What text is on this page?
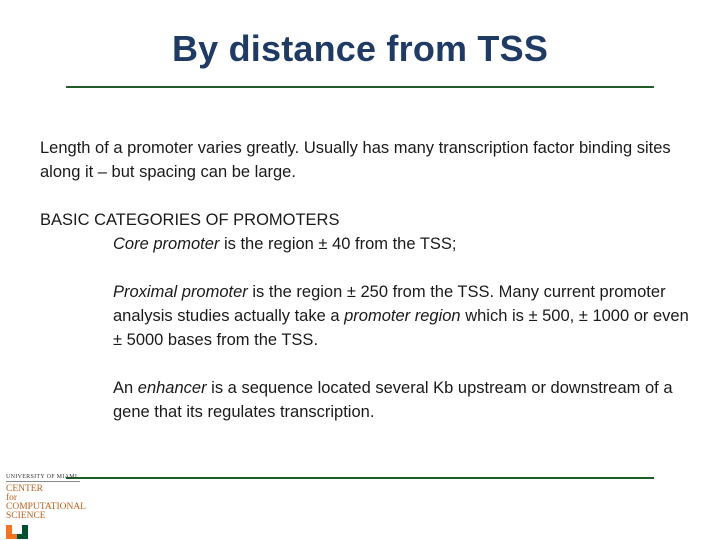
By distance from TSS

Length of a promoter varies greatly. Usually has many transcription factor binding sites along it – but spacing can be large.

BASIC CATEGORIES OF PROMOTERS

Core promoter is the region ± 40 from the TSS;

Proximal promoter is the region ± 250 from the TSS. Many current promoter analysis studies actually take a promoter region which is ± 500, ± 1000 or even ± 5000 bases from the TSS.

An enhancer is a sequence located several Kb upstream or downstream of a gene that its regulates transcription.

UNIVERSITY OF MIAMI
CENTER
for
COMPUTATIONAL
SCIENCE
